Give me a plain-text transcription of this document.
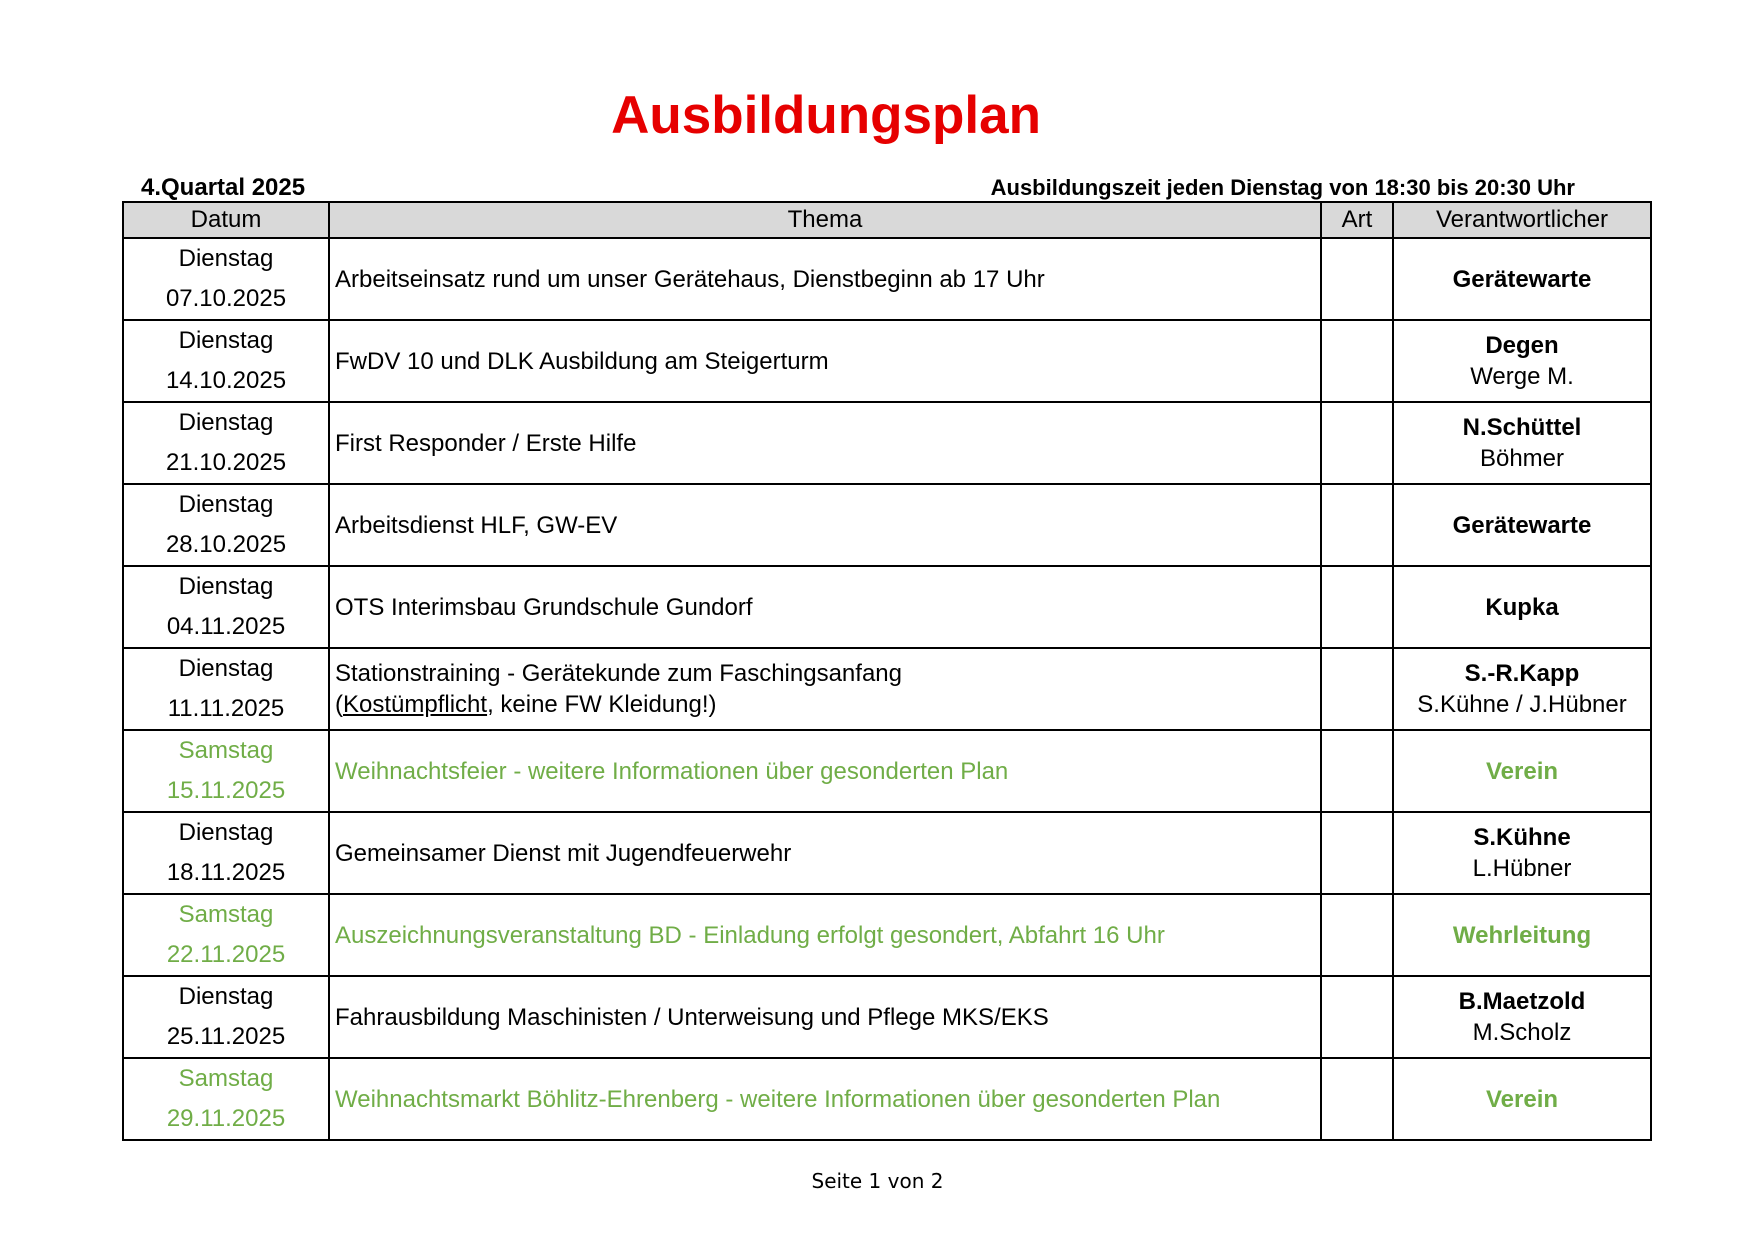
Ausbildungsplan
4.Quartal 2025	Ausbildungszeit jeden Dienstag von 18:30 bis 20:30 Uhr
Datum	Thema	Art	Verantwortlicher

Dienstag
07.10.2025	Arbeitseinsatz rund um unser Gerätehaus, Dienstbeginn ab 17 Uhr		Gerätewarte

Dienstag
14.10.2025	FwDV 10 und DLK Ausbildung am Steigerturm		Degen
Werge M.

Dienstag
21.10.2025	First Responder / Erste Hilfe		N.Schüttel
Böhmer

Dienstag
28.10.2025	Arbeitsdienst HLF, GW-EV		Gerätewarte

Dienstag
04.11.2025	OTS Interimsbau Grundschule Gundorf		Kupka

Dienstag
11.11.2025	Stationstraining - Gerätekunde zum Faschingsanfang
(Kostümpflicht, keine FW Kleidung!)		S.-R.Kapp
S.Kühne / J.Hübner

Samstag
15.11.2025	Weihnachtsfeier - weitere Informationen über gesonderten Plan		Verein

Dienstag
18.11.2025	Gemeinsamer Dienst mit Jugendfeuerwehr		S.Kühne
L.Hübner

Samstag
22.11.2025	Auszeichnungsveranstaltung BD - Einladung erfolgt gesondert, Abfahrt 16 Uhr		Wehrleitung

Dienstag
25.11.2025	Fahrausbildung Maschinisten / Unterweisung und Pflege MKS/EKS		B.Maetzold
M.Scholz

Samstag
29.11.2025	Weihnachtsmarkt Böhlitz-Ehrenberg - weitere Informationen über gesonderten Plan		Verein
Seite 1 von 2
